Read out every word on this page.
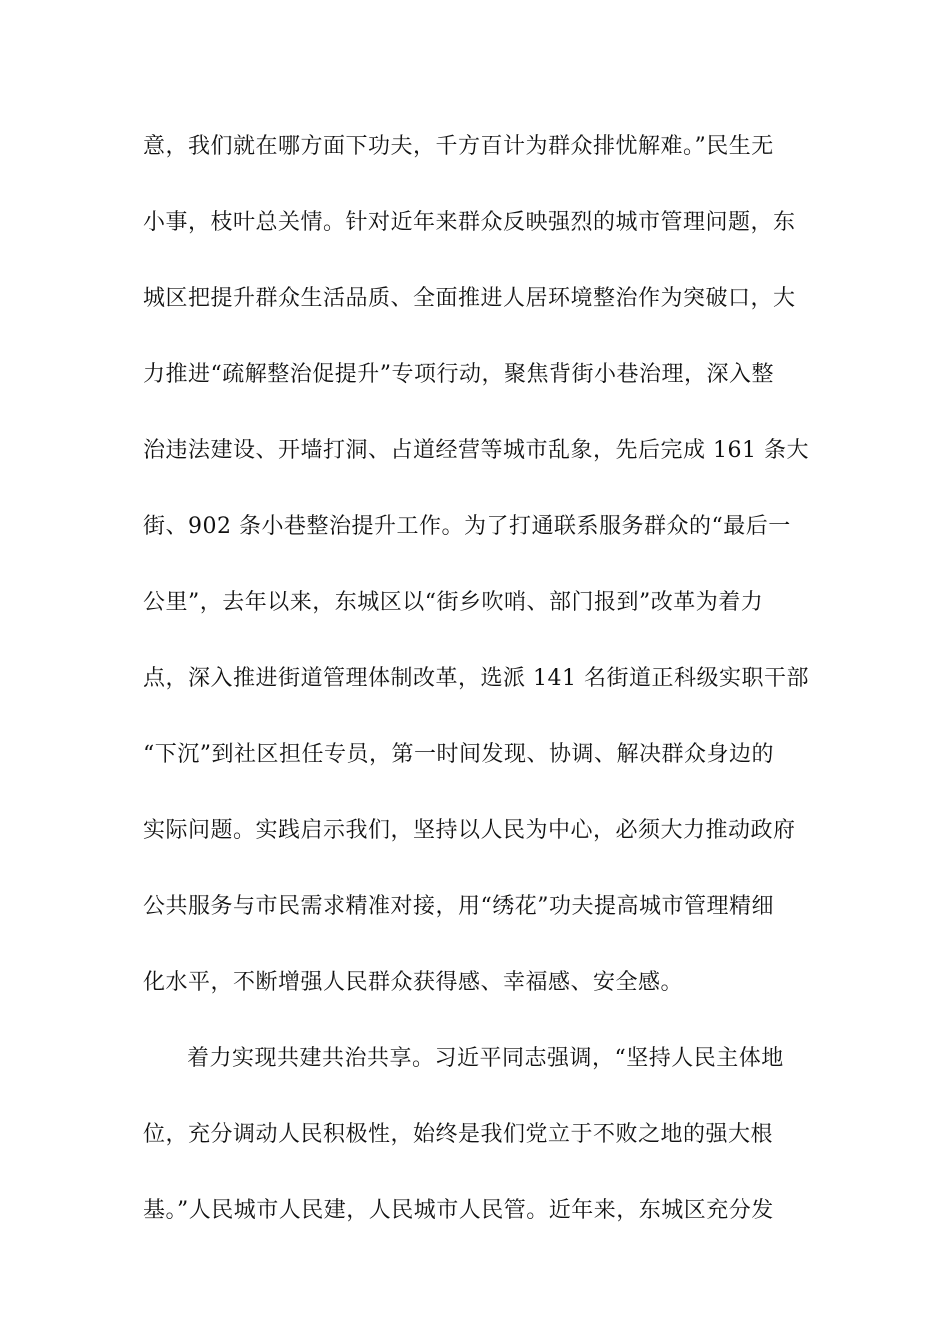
意，我们就在哪方面下功夫，千方百计为群众排忧解难。”民生无
小事，枝叶总关情。针对近年来群众反映强烈的城市管理问题，东
城区把提升群众生活品质、全面推进人居环境整治作为突破口，大
力推进“疏解整治促提升”专项行动，聚焦背街小巷治理，深入整
治违法建设、开墙打洞、占道经营等城市乱象，先后完成 161 条大
街、902 条小巷整治提升工作。为了打通联系服务群众的“最后一
公里”，去年以来，东城区以“街乡吹哨、部门报到”改革为着力
点，深入推进街道管理体制改革，选派 141 名街道正科级实职干部
“下沉”到社区担任专员，第一时间发现、协调、解决群众身边的
实际问题。实践启示我们，坚持以人民为中心，必须大力推动政府
公共服务与市民需求精准对接，用“绣花”功夫提高城市管理精细
化水平，不断增强人民群众获得感、幸福感、安全感。
着力实现共建共治共享。习近平同志强调，“坚持人民主体地
位，充分调动人民积极性，始终是我们党立于不败之地的强大根
基。”人民城市人民建，人民城市人民管。近年来，东城区充分发
